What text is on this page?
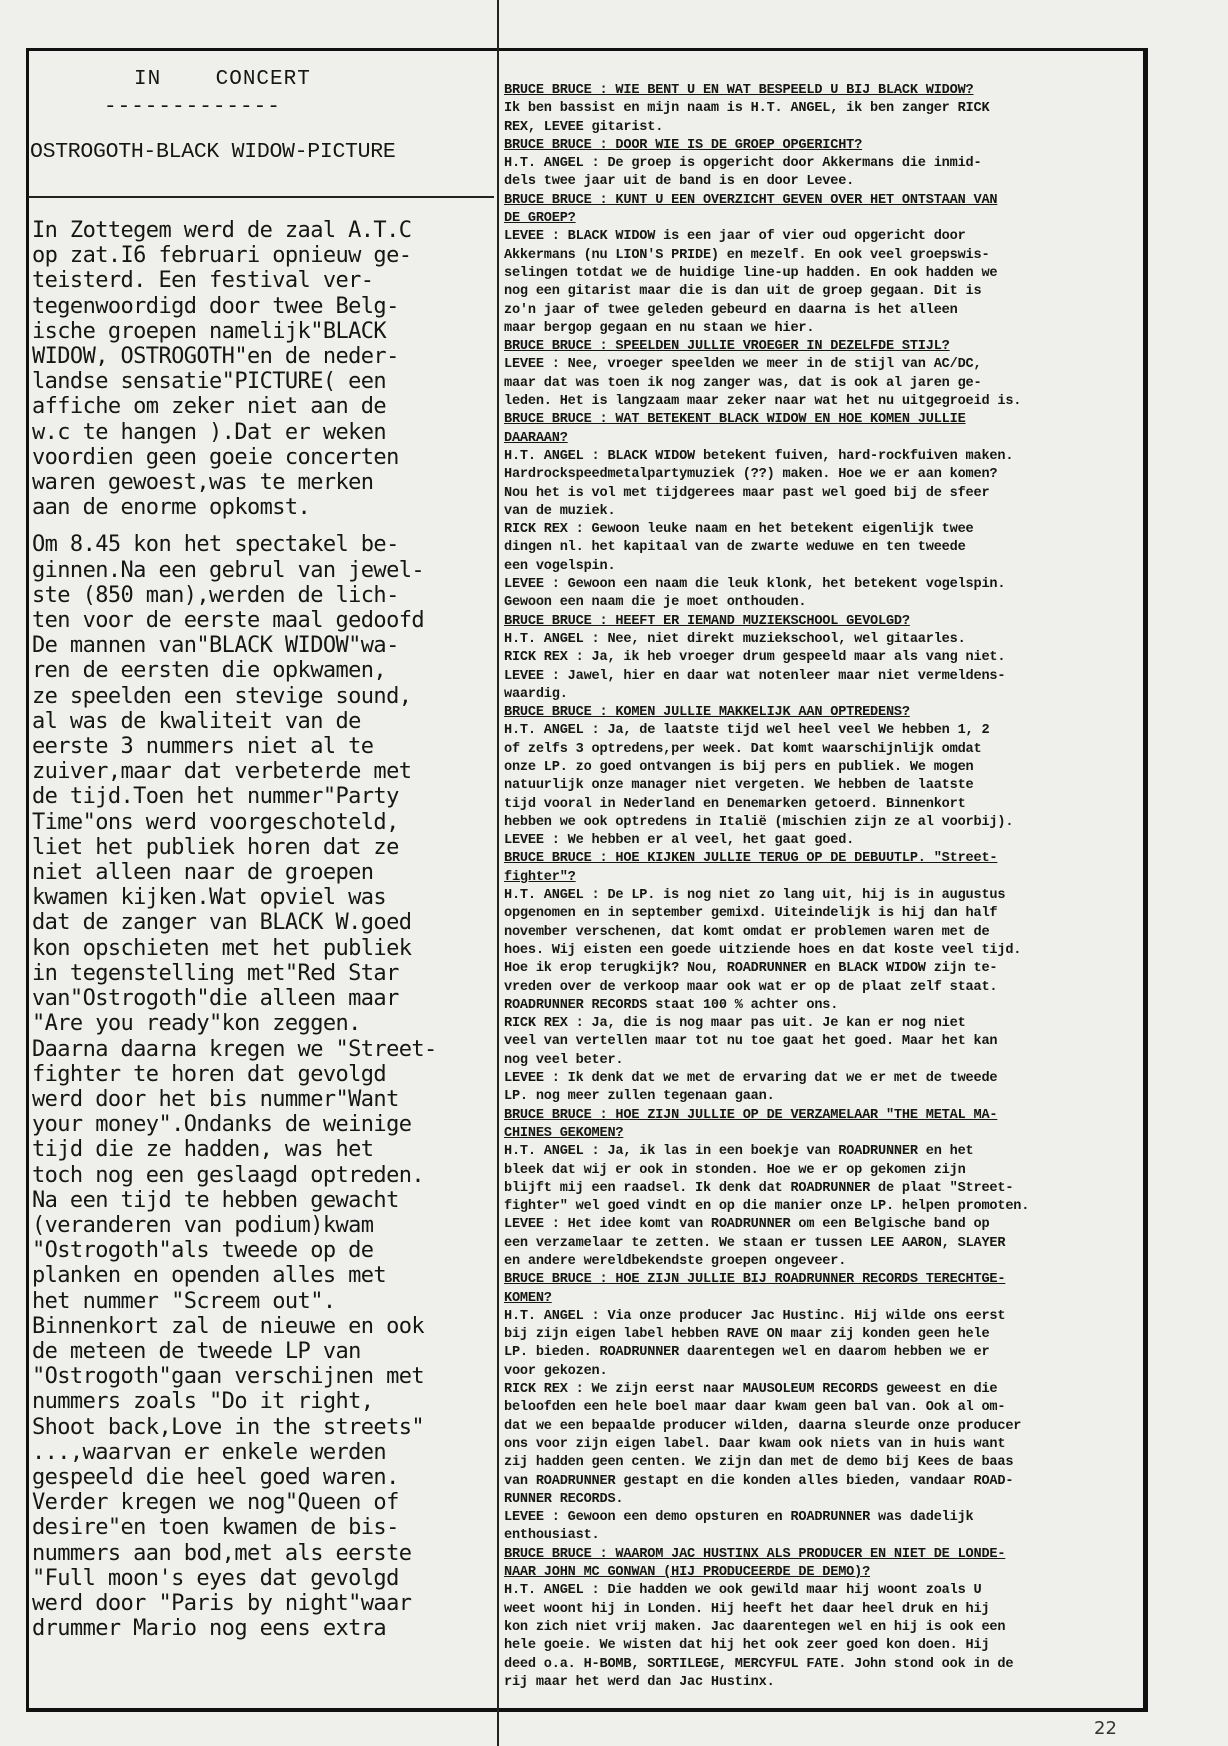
IN    CONCERT
-------------
OSTROGOTH-BLACK WIDOW-PICTURE
In Zottegem werd de zaal A.T.C
op zat.I6 februari opnieuw ge-
teisterd. Een festival ver-
tegenwoordigd door twee Belg-
ische groepen namelijk"BLACK
WIDOW, OSTROGOTH"en de neder-
landse sensatie"PICTURE( een
affiche om zeker niet aan de
w.c te hangen ).Dat er weken
voordien geen goeie concerten
waren gewoest,was te merken
aan de enorme opkomst.
Om 8.45 kon het spectakel be-
ginnen.Na een gebrul van jewel-
ste (850 man),werden de lich-
ten voor de eerste maal gedoofd
De mannen van"BLACK WIDOW"wa-
ren de eersten die opkwamen,
ze speelden een stevige sound,
al was de kwaliteit van de
eerste 3 nummers niet al te
zuiver,maar dat verbeterde met
de tijd.Toen het nummer"Party
Time"ons werd voorgeschoteld,
liet het publiek horen dat ze
niet alleen naar de groepen
kwamen kijken.Wat opviel was
dat de zanger van BLACK W.goed
kon opschieten met het publiek
in tegenstelling met"Red Star
van"Ostrogoth"die alleen maar
"Are you ready"kon zeggen.
Daarna daarna kregen we "Street-
fighter te horen dat gevolgd
werd door het bis nummer"Want
your money".Ondanks de weinige
tijd die ze hadden, was het
toch nog een geslaagd optreden.
Na een tijd te hebben gewacht
(veranderen van podium)kwam
"Ostrogoth"als tweede op de
planken en openden alles met
het nummer "Screem out".
Binnenkort zal de nieuwe en ook
de meteen de tweede LP van
"Ostrogoth"gaan verschijnen met
nummers zoals "Do it right,
Shoot back,Love in the streets"
...,waarvan er enkele werden
gespeeld die heel goed waren.
Verder kregen we nog"Queen of
desire"en toen kwamen de bis-
nummers aan bod,met als eerste
"Full moon's eyes dat gevolgd
werd door "Paris by night"waar
drummer Mario nog eens extra
BRUCE BRUCE : WIE BENT U EN WAT BESPEELD U BIJ BLACK WIDOW?
Ik ben bassist en mijn naam is H.T. ANGEL, ik ben zanger RICK
REX, LEVEE gitarist.
BRUCE BRUCE : DOOR WIE IS DE GROEP OPGERICHT?
H.T. ANGEL : De groep is opgericht door Akkermans die inmid-
dels twee jaar uit de band is en door Levee.
BRUCE BRUCE : KUNT U EEN OVERZICHT GEVEN OVER HET ONTSTAAN VAN
DE GROEP?
LEVEE : BLACK WIDOW is een jaar of vier oud opgericht door
Akkermans (nu LION'S PRIDE) en mezelf. En ook veel groepswis-
selingen totdat we de huidige line-up hadden. En ook hadden we
nog een gitarist maar die is dan uit de groep gegaan. Dit is
zo'n jaar of twee geleden gebeurd en daarna is het alleen
maar bergop gegaan en nu staan we hier.
BRUCE BRUCE : SPEELDEN JULLIE VROEGER IN DEZELFDE STIJL?
LEVEE : Nee, vroeger speelden we meer in de stijl van AC/DC,
maar dat was toen ik nog zanger was, dat is ook al jaren ge-
leden. Het is langzaam maar zeker naar wat het nu uitgegroeid is.
BRUCE BRUCE : WAT BETEKENT BLACK WIDOW EN HOE KOMEN JULLIE
DAARAAN?
H.T. ANGEL : BLACK WIDOW betekent fuiven, hard-rockfuiven maken.
Hardrockspeedmetalpartymuziek (??) maken. Hoe we er aan komen?
Nou het is vol met tijdgerees maar past wel goed bij de sfeer
van de muziek.
RICK REX : Gewoon leuke naam en het betekent eigenlijk twee
dingen nl. het kapitaal van de zwarte weduwe en ten tweede
een vogelspin.
LEVEE : Gewoon een naam die leuk klonk, het betekent vogelspin.
Gewoon een naam die je moet onthouden.
BRUCE BRUCE : HEEFT ER IEMAND MUZIEKSCHOOL GEVOLGD?
H.T. ANGEL : Nee, niet direkt muziekschool, wel gitaarles.
RICK REX : Ja, ik heb vroeger drum gespeeld maar als vang niet.
LEVEE : Jawel, hier en daar wat notenleer maar niet vermeldens-
waardig.
BRUCE BRUCE : KOMEN JULLIE MAKKELIJK AAN OPTREDENS?
H.T. ANGEL : Ja, de laatste tijd wel heel veel We hebben 1, 2
of zelfs 3 optredens,per week. Dat komt waarschijnlijk omdat
onze LP. zo goed ontvangen is bij pers en publiek. We mogen
natuurlijk onze manager niet vergeten. We hebben de laatste
tijd vooral in Nederland en Denemarken getoerd. Binnenkort
hebben we ook optredens in Italië (mischien zijn ze al voorbij).
LEVEE : We hebben er al veel, het gaat goed.
BRUCE BRUCE : HOE KIJKEN JULLIE TERUG OP DE DEBUUTLP. "Street-
fighter"?
H.T. ANGEL : De LP. is nog niet zo lang uit, hij is in augustus
opgenomen en in september gemixd. Uiteindelijk is hij dan half
november verschenen, dat komt omdat er problemen waren met de
hoes. Wij eisten een goede uitziende hoes en dat koste veel tijd.
Hoe ik erop terugkijk? Nou, ROADRUNNER en BLACK WIDOW zijn te-
vreden over de verkoop maar ook wat er op de plaat zelf staat.
ROADRUNNER RECORDS staat 100 % achter ons.
RICK REX : Ja, die is nog maar pas uit. Je kan er nog niet
veel van vertellen maar tot nu toe gaat het goed. Maar het kan
nog veel beter.
LEVEE : Ik denk dat we met de ervaring dat we er met de tweede
LP. nog meer zullen tegenaan gaan.
BRUCE BRUCE : HOE ZIJN JULLIE OP DE VERZAMELAAR "THE METAL MA-
CHINES GEKOMEN?
H.T. ANGEL : Ja, ik las in een boekje van ROADRUNNER en het
bleek dat wij er ook in stonden. Hoe we er op gekomen zijn
blijft mij een raadsel. Ik denk dat ROADRUNNER de plaat "Street-
fighter" wel goed vindt en op die manier onze LP. helpen promoten.
LEVEE : Het idee komt van ROADRUNNER om een Belgische band op
een verzamelaar te zetten. We staan er tussen LEE AARON, SLAYER
en andere wereldbekendste groepen ongeveer.
BRUCE BRUCE : HOE ZIJN JULLIE BIJ ROADRUNNER RECORDS TERECHTGE-
KOMEN?
H.T. ANGEL : Via onze producer Jac Hustinc. Hij wilde ons eerst
bij zijn eigen label hebben RAVE ON maar zij konden geen hele
LP. bieden. ROADRUNNER daarentegen wel en daarom hebben we er
voor gekozen.
RICK REX : We zijn eerst naar MAUSOLEUM RECORDS geweest en die
beloofden een hele boel maar daar kwam geen bal van. Ook al om-
dat we een bepaalde producer wilden, daarna sleurde onze producer
ons voor zijn eigen label. Daar kwam ook niets van in huis want
zij hadden geen centen. We zijn dan met de demo bij Kees de baas
van ROADRUNNER gestapt en die konden alles bieden, vandaar ROAD-
RUNNER RECORDS.
LEVEE : Gewoon een demo opsturen en ROADRUNNER was dadelijk
enthousiast.
BRUCE BRUCE : WAAROM JAC HUSTINX ALS PRODUCER EN NIET DE LONDE-
NAAR JOHN MC GONWAN (HIJ PRODUCEERDE DE DEMO)?
H.T. ANGEL : Die hadden we ook gewild maar hij woont zoals U
weet woont hij in Londen. Hij heeft het daar heel druk en hij
kon zich niet vrij maken. Jac daarentegen wel en hij is ook een
hele goeie. We wisten dat hij het ook zeer goed kon doen. Hij
deed o.a. H-BOMB, SORTILEGE, MERCYFUL FATE. John stond ook in de
rij maar het werd dan Jac Hustinx.
22
